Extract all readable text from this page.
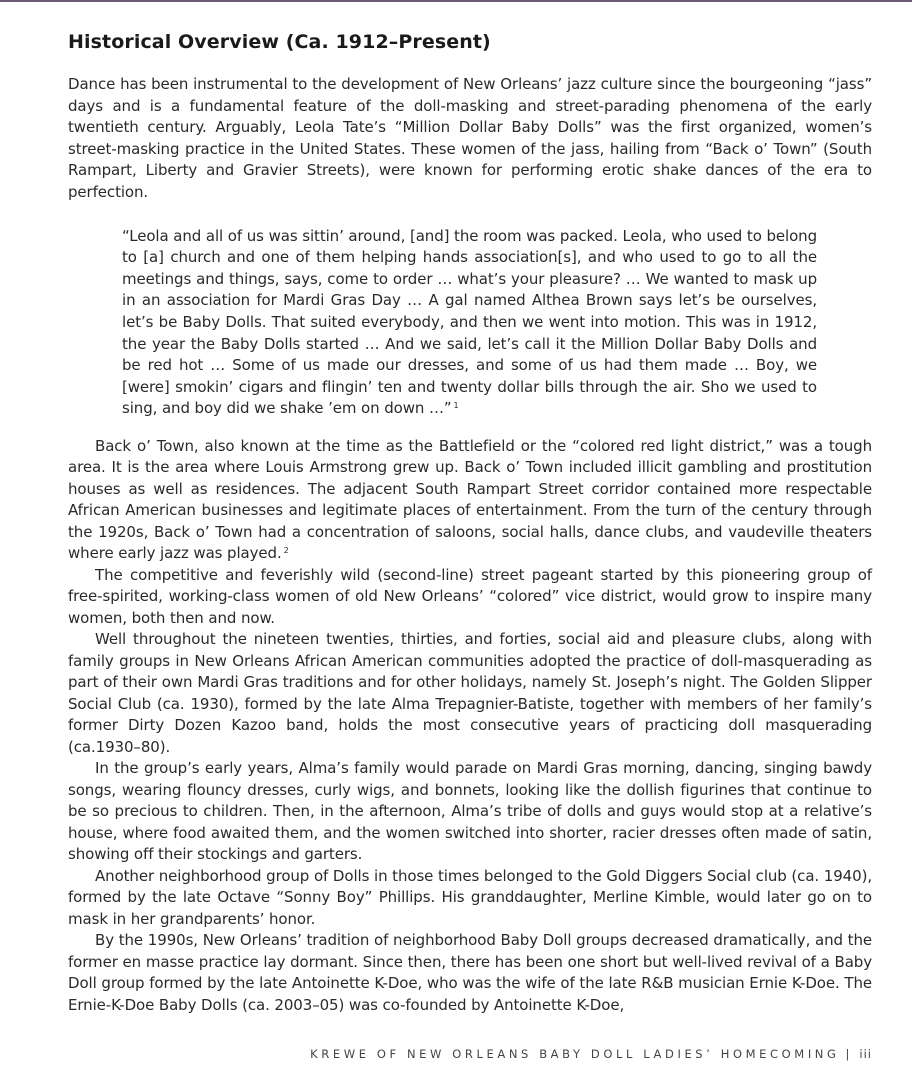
Historical Overview (Ca. 1912–Present)

Dance has been instrumental to the development of New Orleans’ jazz culture since the bourgeoning “jass” days and is a fundamental feature of the doll-masking and street-parading phenomena of the early twentieth century. Arguably, Leola Tate’s “Million Dollar Baby Dolls” was the first organized, women’s street-masking practice in the United States. These women of the jass, hailing from “Back o’ Town” (South Rampart, Liberty and Gravier Streets), were known for performing erotic shake dances of the era to perfection.

“Leola and all of us was sittin’ around, [and] the room was packed. Leola, who used to belong to [a] church and one of them helping hands association[s], and who used to go to all the meetings and things, says, come to order … what’s your pleasure? … We wanted to mask up in an association for Mardi Gras Day … A gal named Althea Brown says let’s be ourselves, let’s be Baby Dolls. That suited everybody, and then we went into motion. This was in 1912, the year the Baby Dolls started … And we said, let’s call it the Million Dollar Baby Dolls and be red hot … Some of us made our dresses, and some of us had them made … Boy, we [were] smokin’ cigars and flingin’ ten and twenty dollar bills through the air. Sho we used to sing, and boy did we shake ’em on down …” $^1$

Back o’ Town, also known at the time as the Battlefield or the “colored red light district,” was a tough area. It is the area where Louis Armstrong grew up. Back o’ Town included illicit gambling and prostitution houses as well as residences. The adjacent South Rampart Street corridor contained more respectable African American businesses and legitimate places of entertainment. From the turn of the century through the 1920s, Back o’ Town had a concentration of saloons, social halls, dance clubs, and vaudeville theaters where early jazz was played. $^2$

The competitive and feverishly wild (second-line) street pageant started by this pioneering group of free-spirited, working-class women of old New Orleans’ “colored” vice district, would grow to inspire many women, both then and now.

Well throughout the nineteen twenties, thirties, and forties, social aid and pleasure clubs, along with family groups in New Orleans African American communities adopted the practice of doll-masquerading as part of their own Mardi Gras traditions and for other holidays, namely St. Joseph’s night. The Golden Slipper Social Club (ca. 1930), formed by the late Alma Trepagnier-Batiste, together with members of her family’s former Dirty Dozen Kazoo band, holds the most consecutive years of practicing doll masquerading (ca.1930–80).

In the group’s early years, Alma’s family would parade on Mardi Gras morning, dancing, singing bawdy songs, wearing flouncy dresses, curly wigs, and bonnets, looking like the dollish figurines that continue to be so precious to children. Then, in the afternoon, Alma’s tribe of dolls and guys would stop at a relative’s house, where food awaited them, and the women switched into shorter, racier dresses often made of satin, showing off their stockings and garters.

Another neighborhood group of Dolls in those times belonged to the Gold Diggers Social club (ca. 1940), formed by the late Octave “Sonny Boy” Phillips. His granddaughter, Merline Kimble, would later go on to mask in her grandparents’ honor.

By the 1990s, New Orleans’ tradition of neighborhood Baby Doll groups decreased dramatically, and the former en masse practice lay dormant. Since then, there has been one short but well-lived revival of a Baby Doll group formed by the late Antoinette K-Doe, who was the wife of the late R&B musician Ernie K-Doe. The Ernie-K-Doe Baby Dolls (ca. 2003–05) was co-founded by Antoinette K-Doe,

KREWE OF NEW ORLEANS BABY DOLL LADIES’ HOMECOMING | iii
